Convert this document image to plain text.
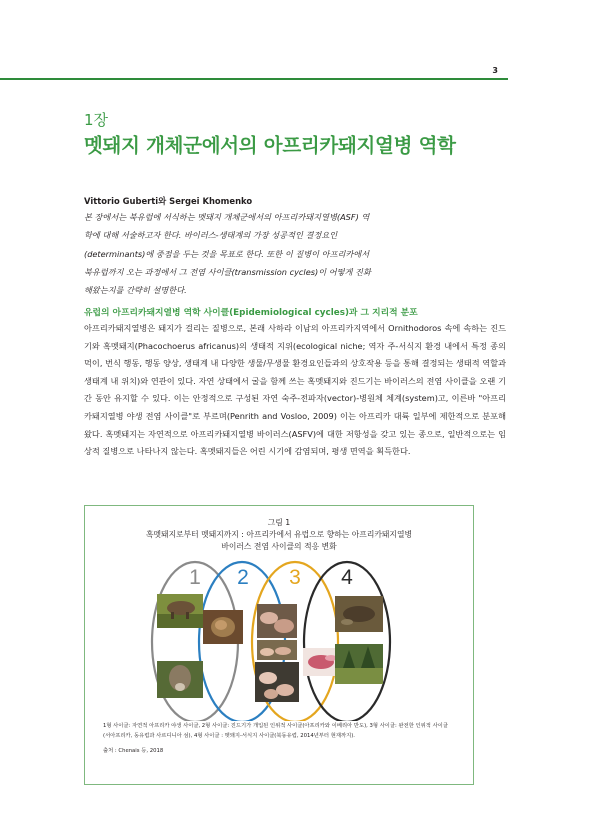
3
1장
멧돼지 개체군에서의 아프리카돼지열병 역학
Vittorio Guberti와 Sergei Khomenko
본 장에서는 북유럽에 서식하는 멧돼지 개체군에서의 아프리카돼지열병(ASF) 역학에 대해 서술하고자 한다. 바이러스-생태계의 가장 성공적인 결정요인(determinants)에 중점을 두는 것을 목표로 한다. 또한 이 질병이 아프리카에서 북유럽까지 오는 과정에서 그 전염 사이클(transmission cycles)이 어떻게 진화해왔는지를 간략히 설명한다.
유럽의 아프리카돼지열병 역학 사이클(Epidemiological cycles)과 그 지리적 분포
아프리카돼지열병은 돼지가 걸리는 질병으로, 본래 사하라 이남의 아프리카지역에서 Ornithodoros 속에 속하는 진드기와 혹멧돼지(Phacochoerus africanus)의 생태적 지위(ecological niche; 역자 주-서식지 환경 내에서 특정 종의 먹이, 번식 행동, 행동 양상, 생태계 내 다양한 생물/무생물 환경요인들과의 상호작용 등을 통해 결정되는 생태적 역할과 생태계 내 위치)와 연관이 있다. 자연 상태에서 굴을 함께 쓰는 혹멧돼지와 진드기는 바이러스의 전염 사이클을 오랜 기간 동안 유지할 수 있다. 이는 안정적으로 구성된 자연 숙주-전파자(vector)-병원체 체계(system)고, 이른바 "아프리카돼지열병 야생 전염 사이클"로 부르며(Penrith and Vosloo, 2009) 이는 아프리카 대륙 일부에 제한적으로 분포해왔다. 혹멧돼지는 자연적으로 아프리카돼지열병 바이러스(ASFV)에 대한 저항성을 갖고 있는 종으로, 일반적으로는 임상적 질병으로 나타나지 않는다. 혹멧돼지들은 어린 시기에 감염되며, 평생 면역을 획득한다.
그림 1
혹멧돼지로부터 멧돼지까지 : 아프리카에서 유럽으로 향하는 아프리카돼지열병
바이러스 전염 사이클의 적응 변화
1 2 3 4
1형 사이클: 자연적 아프리카 야생 사이클, 2형 사이클: 진드기가 개입된 인위적 사이클(아프리카와 이베리아 반도), 3형 사이클: 완전한 인위적 사이클(서아프리카, 동유럽과 사르디니아 섬), 4형 사이클 : 멧돼지-서식지 사이클(북동유럽, 2014년부터 현재까지).
출처 : Chenais 등, 2018
